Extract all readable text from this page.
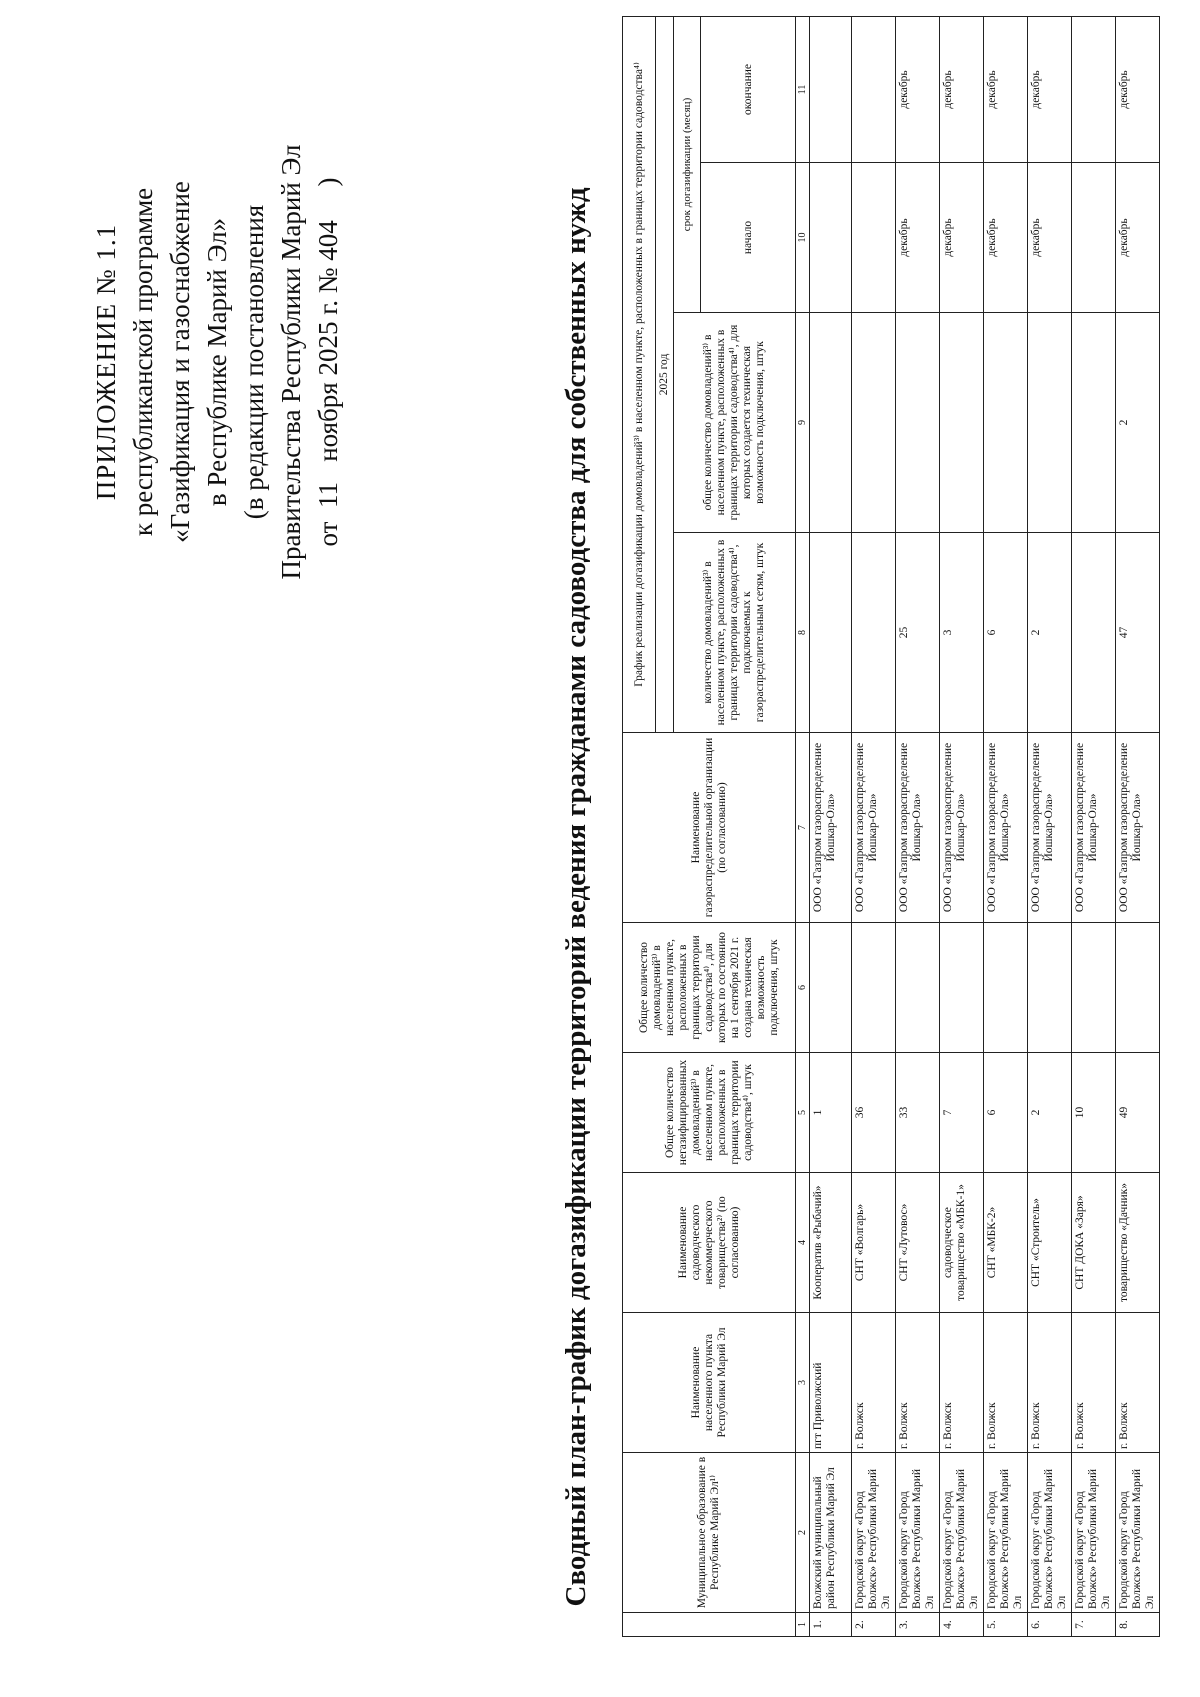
ПРИЛОЖЕНИЕ № 1.1 к республиканской программе «Газификация и газоснабжение в Республике Марий Эл» (в редакции постановления Правительства Республики Марий Эл от  11   ноября 2025 г. № 404     )	Сводный план-график догазификации территорий ведения гражданами садоводства для собственных нужд
		Муниципальное образование в Республике Марий Эл¹⁾	Наименование населенного пункта Республики Марий Эл	Наименование садоводческого некоммерческого товарищества²⁾ (по согласованию)	Общее количество негазифицированных домовладений³⁾ в населенном пункте, расположенных в границах территории садоводства⁴⁾, штук	Общее количество домовладений³⁾ в населенном пункте, расположенных в границах территории садоводства⁴⁾, для которых по состоянию на 1 сентября 2021 г. создана техническая возможность подключения, штук	Наименование газораспределительной организации (по согласованию)	График реализации догазификации домовладений³⁾ в населенном пункте, расположенных в границах территории садоводства⁴⁾			
							2025 год			
							количество домовладений³⁾ в населенном пункте, расположенных в границах территории садоводства⁴⁾, подключаемых к газораспределительным сетям, штук	общее количество домовладений³⁾ в населенном пункте, расположенных в границах территории садоводства⁴⁾, для которых создается техническая возможность подключения, штук	срок догазификации (месяц)	
									начало	окончание
1	2	3	4	5	6	7	8	9	10	11
1.	Волжский муниципальный район Республики Марий Эл	пгт Приволжский	Кооператив «Рыбачий»	1		ООО «Газпром газораспределение Йошкар-Ола»				
2.	Городской округ «Город Волжск» Республики Марий Эл	г. Волжск	СНТ «Волгарь»	36		ООО «Газпром газораспределение Йошкар-Ола»				
3.	Городской округ «Город Волжск» Республики Марий Эл	г. Волжск	СНТ «Лутовос»	33		ООО «Газпром газораспределение Йошкар-Ола»	25		декабрь	декабрь
4.	Городской округ «Город Волжск» Республики Марий Эл	г. Волжск	садоводческое товарищество «МБК-1»	7		ООО «Газпром газораспределение Йошкар-Ола»	3		декабрь	декабрь
5.	Городской округ «Город Волжск» Республики Марий Эл	г. Волжск	СНТ «МБК-2»	6		ООО «Газпром газораспределение Йошкар-Ола»	6		декабрь	декабрь
6.	Городской округ «Город Волжск» Республики Марий Эл	г. Волжск	СНТ «Строитель»	2		ООО «Газпром газораспределение Йошкар-Ола»	2		декабрь	декабрь
7.	Городской округ «Город Волжск» Республики Марий Эл	г. Волжск	СНТ ДОКА «Заря»	10		ООО «Газпром газораспределение Йошкар-Ола»				
8.	Городской округ «Город Волжск» Республики Марий Эл	г. Волжск	товарищество «Дачник»	49		ООО «Газпром газораспределение Йошкар-Ола»	47	2	декабрь	декабрь
